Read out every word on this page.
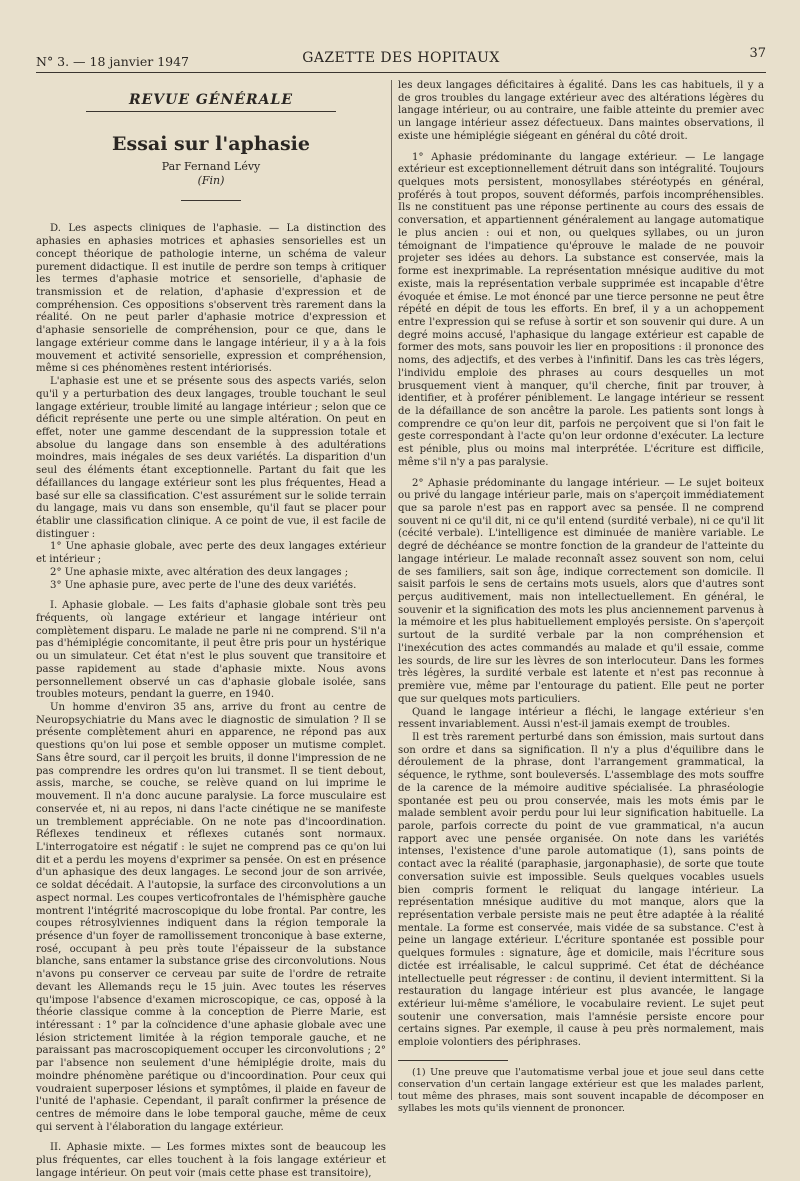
N° 3. — 18 janvier 1947	GAZETTE DES HOPITAUX	37
REVUE GÉNÉRALE
Essai sur l'aphasie
Par Fernand Lévy
(Fin)

D. Les aspects cliniques de l'aphasie. — La distinction des aphasies en aphasies motrices et aphasies sensorielles est un concept théorique de pathologie interne, un schéma de valeur purement didactique. Il est inutile de perdre son temps à critiquer les termes d'aphasie motrice et sensorielle, d'aphasie de transmission et de relation, d'aphasie d'expression et de compréhension. Ces oppositions s'observent très rarement dans la réalité. On ne peut parler d'aphasie motrice d'expression et d'aphasie sensorielle de compréhension, pour ce que, dans le langage extérieur comme dans le langage intérieur, il y a à la fois mouvement et activité sensorielle, expression et compréhension, même si ces phénomènes restent intériorisés.

L'aphasie est une et se présente sous des aspects variés, selon qu'il y a perturbation des deux langages, trouble touchant le seul langage extérieur, trouble limité au langage intérieur ; selon que ce déficit représente une perte ou une simple altération. On peut en effet, noter une gamme descendant de la suppression totale et absolue du langage dans son ensemble à des adultérations moindres, mais inégales de ses deux variétés. La disparition d'un seul des éléments étant exceptionnelle. Partant du fait que les défaillances du langage extérieur sont les plus fréquentes, Head a basé sur elle sa classification. C'est assurément sur le solide terrain du langage, mais vu dans son ensemble, qu'il faut se placer pour établir une classification clinique. A ce point de vue, il est facile de distinguer :

1° Une aphasie globale, avec perte des deux langages extérieur et intérieur ;

2° Une aphasie mixte, avec altération des deux langages ;

3° Une aphasie pure, avec perte de l'une des deux variétés.

I. Aphasie globale. — Les faits d'aphasie globale sont très peu fréquents, où langage extérieur et langage intérieur ont complètement disparu. Le malade ne parle ni ne comprend. S'il n'a pas d'hémiplégie concomitante, il peut être pris pour un hystérique ou un simulateur. Cet état n'est le plus souvent que transitoire et passe rapidement au stade d'aphasie mixte. Nous avons personnellement observé un cas d'aphasie globale isolée, sans troubles moteurs, pendant la guerre, en 1940.

Un homme d'environ 35 ans, arrive du front au centre de Neuropsychiatrie du Mans avec le diagnostic de simulation ? Il se présente complètement ahuri en apparence, ne répond pas aux questions qu'on lui pose et semble opposer un mutisme complet. Sans être sourd, car il perçoit les bruits, il donne l'impression de ne pas comprendre les ordres qu'on lui transmet. Il se tient debout, assis, marche, se couche, se relève quand on lui imprime le mouvement. Il n'a donc aucune paralysie. La force musculaire est conservée et, ni au repos, ni dans l'acte cinétique ne se manifeste un tremblement appréciable. On ne note pas d'incoordination. Réflexes tendineux et réflexes cutanés sont normaux. L'interrogatoire est négatif : le sujet ne comprend pas ce qu'on lui dit et a perdu les moyens d'exprimer sa pensée. On est en présence d'un aphasique des deux langages. Le second jour de son arrivée, ce soldat décédait. A l'autopsie, la surface des circonvolutions a un aspect normal. Les coupes verticofrontales de l'hémisphère gauche montrent l'intégrité macroscopique du lobe frontal. Par contre, les coupes rétrosylviennes indiquent dans la région temporale la présence d'un foyer de ramollissement tronconique à base externe, rosé, occupant à peu près toute l'épaisseur de la substance blanche, sans entamer la substance grise des circonvolutions. Nous n'avons pu conserver ce cerveau par suite de l'ordre de retraite devant les Allemands reçu le 15 juin. Avec toutes les réserves qu'impose l'absence d'examen microscopique, ce cas, opposé à la théorie classique comme à la conception de Pierre Marie, est intéressant : 1° par la coïncidence d'une aphasie globale avec une lésion strictement limitée à la région temporale gauche, et ne paraissant pas macroscopiquement occuper les circonvolutions ; 2° par l'absence non seulement d'une hémiplégie droite, mais du moindre phénomène parétique ou d'incoordination. Pour ceux qui voudraient superposer lésions et symptômes, il plaide en faveur de l'unité de l'aphasie. Cependant, il paraît confirmer la présence de centres de mémoire dans le lobe temporal gauche, même de ceux qui servent à l'élaboration du langage extérieur.

II. Aphasie mixte. — Les formes mixtes sont de beaucoup les plus fréquentes, car elles touchent à la fois langage extérieur et langage intérieur. On peut voir (mais cette phase est transitoire),

les deux langages déficitaires à égalité. Dans les cas habituels, il y a de gros troubles du langage extérieur avec des altérations légères du langage intérieur, ou au contraire, une faible atteinte du premier avec un langage intérieur assez défectueux. Dans maintes observations, il existe une hémiplégie siégeant en général du côté droit.

1° Aphasie prédominante du langage extérieur. — Le langage extérieur est exceptionnellement détruit dans son intégralité. Toujours quelques mots persistent, monosyllabes stéréotypés en général, proférés à tout propos, souvent déformés, parfois incompréhensibles. Ils ne constituent pas une réponse pertinente au cours des essais de conversation, et appartiennent généralement au langage automatique le plus ancien : oui et non, ou quelques syllabes, ou un juron témoignant de l'impatience qu'éprouve le malade de ne pouvoir projeter ses idées au dehors. La substance est conservée, mais la forme est inexprimable. La représentation mnésique auditive du mot existe, mais la représentation verbale supprimée est incapable d'être évoquée et émise. Le mot énoncé par une tierce personne ne peut être répété en dépit de tous les efforts. En bref, il y a un achoppement entre l'expression qui se refuse à sortir et son souvenir qui dure. A un degré moins accusé, l'aphasique du langage extérieur est capable de former des mots, sans pouvoir les lier en propositions : il prononce des noms, des adjectifs, et des verbes à l'infinitif. Dans les cas très légers, l'individu emploie des phrases au cours desquelles un mot brusquement vient à manquer, qu'il cherche, finit par trouver, à identifier, et à proférer péniblement. Le langage intérieur se ressent de la défaillance de son ancêtre la parole. Les patients sont longs à comprendre ce qu'on leur dit, parfois ne perçoivent que si l'on fait le geste correspondant à l'acte qu'on leur ordonne d'exécuter. La lecture est pénible, plus ou moins mal interprétée. L'écriture est difficile, même s'il n'y a pas paralysie.

2° Aphasie prédominante du langage intérieur. — Le sujet boiteux ou privé du langage intérieur parle, mais on s'aperçoit immédiatement que sa parole n'est pas en rapport avec sa pensée. Il ne comprend souvent ni ce qu'il dit, ni ce qu'il entend (surdité verbale), ni ce qu'il lit (cécité verbale). L'intelligence est diminuée de manière variable. Le degré de déchéance se montre fonction de la grandeur de l'atteinte du langage intérieur. Le malade reconnaît assez souvent son nom, celui de ses familiers, sait son âge, indique correctement son domicile. Il saisit parfois le sens de certains mots usuels, alors que d'autres sont perçus auditivement, mais non intellectuellement. En général, le souvenir et la signification des mots les plus anciennement parvenus à la mémoire et les plus habituellement employés persiste. On s'aperçoit surtout de la surdité verbale par la non compréhension et l'inexécution des actes commandés au malade et qu'il essaie, comme les sourds, de lire sur les lèvres de son interlocuteur. Dans les formes très légères, la surdité verbale est latente et n'est pas reconnue à première vue, même par l'entourage du patient. Elle peut ne porter que sur quelques mots particuliers.

Quand le langage intérieur a fléchi, le langage extérieur s'en ressent invariablement. Aussi n'est-il jamais exempt de troubles.

Il est très rarement perturbé dans son émission, mais surtout dans son ordre et dans sa signification. Il n'y a plus d'équilibre dans le déroulement de la phrase, dont l'arrangement grammatical, la séquence, le rythme, sont bouleversés. L'assemblage des mots souffre de la carence de la mémoire auditive spécialisée. La phraséologie spontanée est peu ou prou conservée, mais les mots émis par le malade semblent avoir perdu pour lui leur signification habituelle. La parole, parfois correcte du point de vue grammatical, n'a aucun rapport avec une pensée organisée. On note dans les variétés intenses, l'existence d'une parole automatique (1), sans points de contact avec la réalité (paraphasie, jargonaphasie), de sorte que toute conversation suivie est impossible. Seuls quelques vocables usuels bien compris forment le reliquat du langage intérieur. La représentation mnésique auditive du mot manque, alors que la représentation verbale persiste mais ne peut être adaptée à la réalité mentale. La forme est conservée, mais vidée de sa substance. C'est à peine un langage extérieur. L'écriture spontanée est possible pour quelques formules : signature, âge et domicile, mais l'écriture sous dictée est irréalisable, le calcul supprimé. Cet état de déchéance intellectuelle peut régresser : de continu, il devient intermittent. Si la restauration du langage intérieur est plus avancée, le langage extérieur lui-même s'améliore, le vocabulaire revient. Le sujet peut soutenir une conversation, mais l'amnésie persiste encore pour certains signes. Par exemple, il cause à peu près normalement, mais emploie volontiers des périphrases.

(1) Une preuve que l'automatisme verbal joue et joue seul dans cette conservation d'un certain langage extérieur est que les malades parlent, tout même des phrases, mais sont souvent incapable de décomposer en syllabes les mots qu'ils viennent de prononcer.
